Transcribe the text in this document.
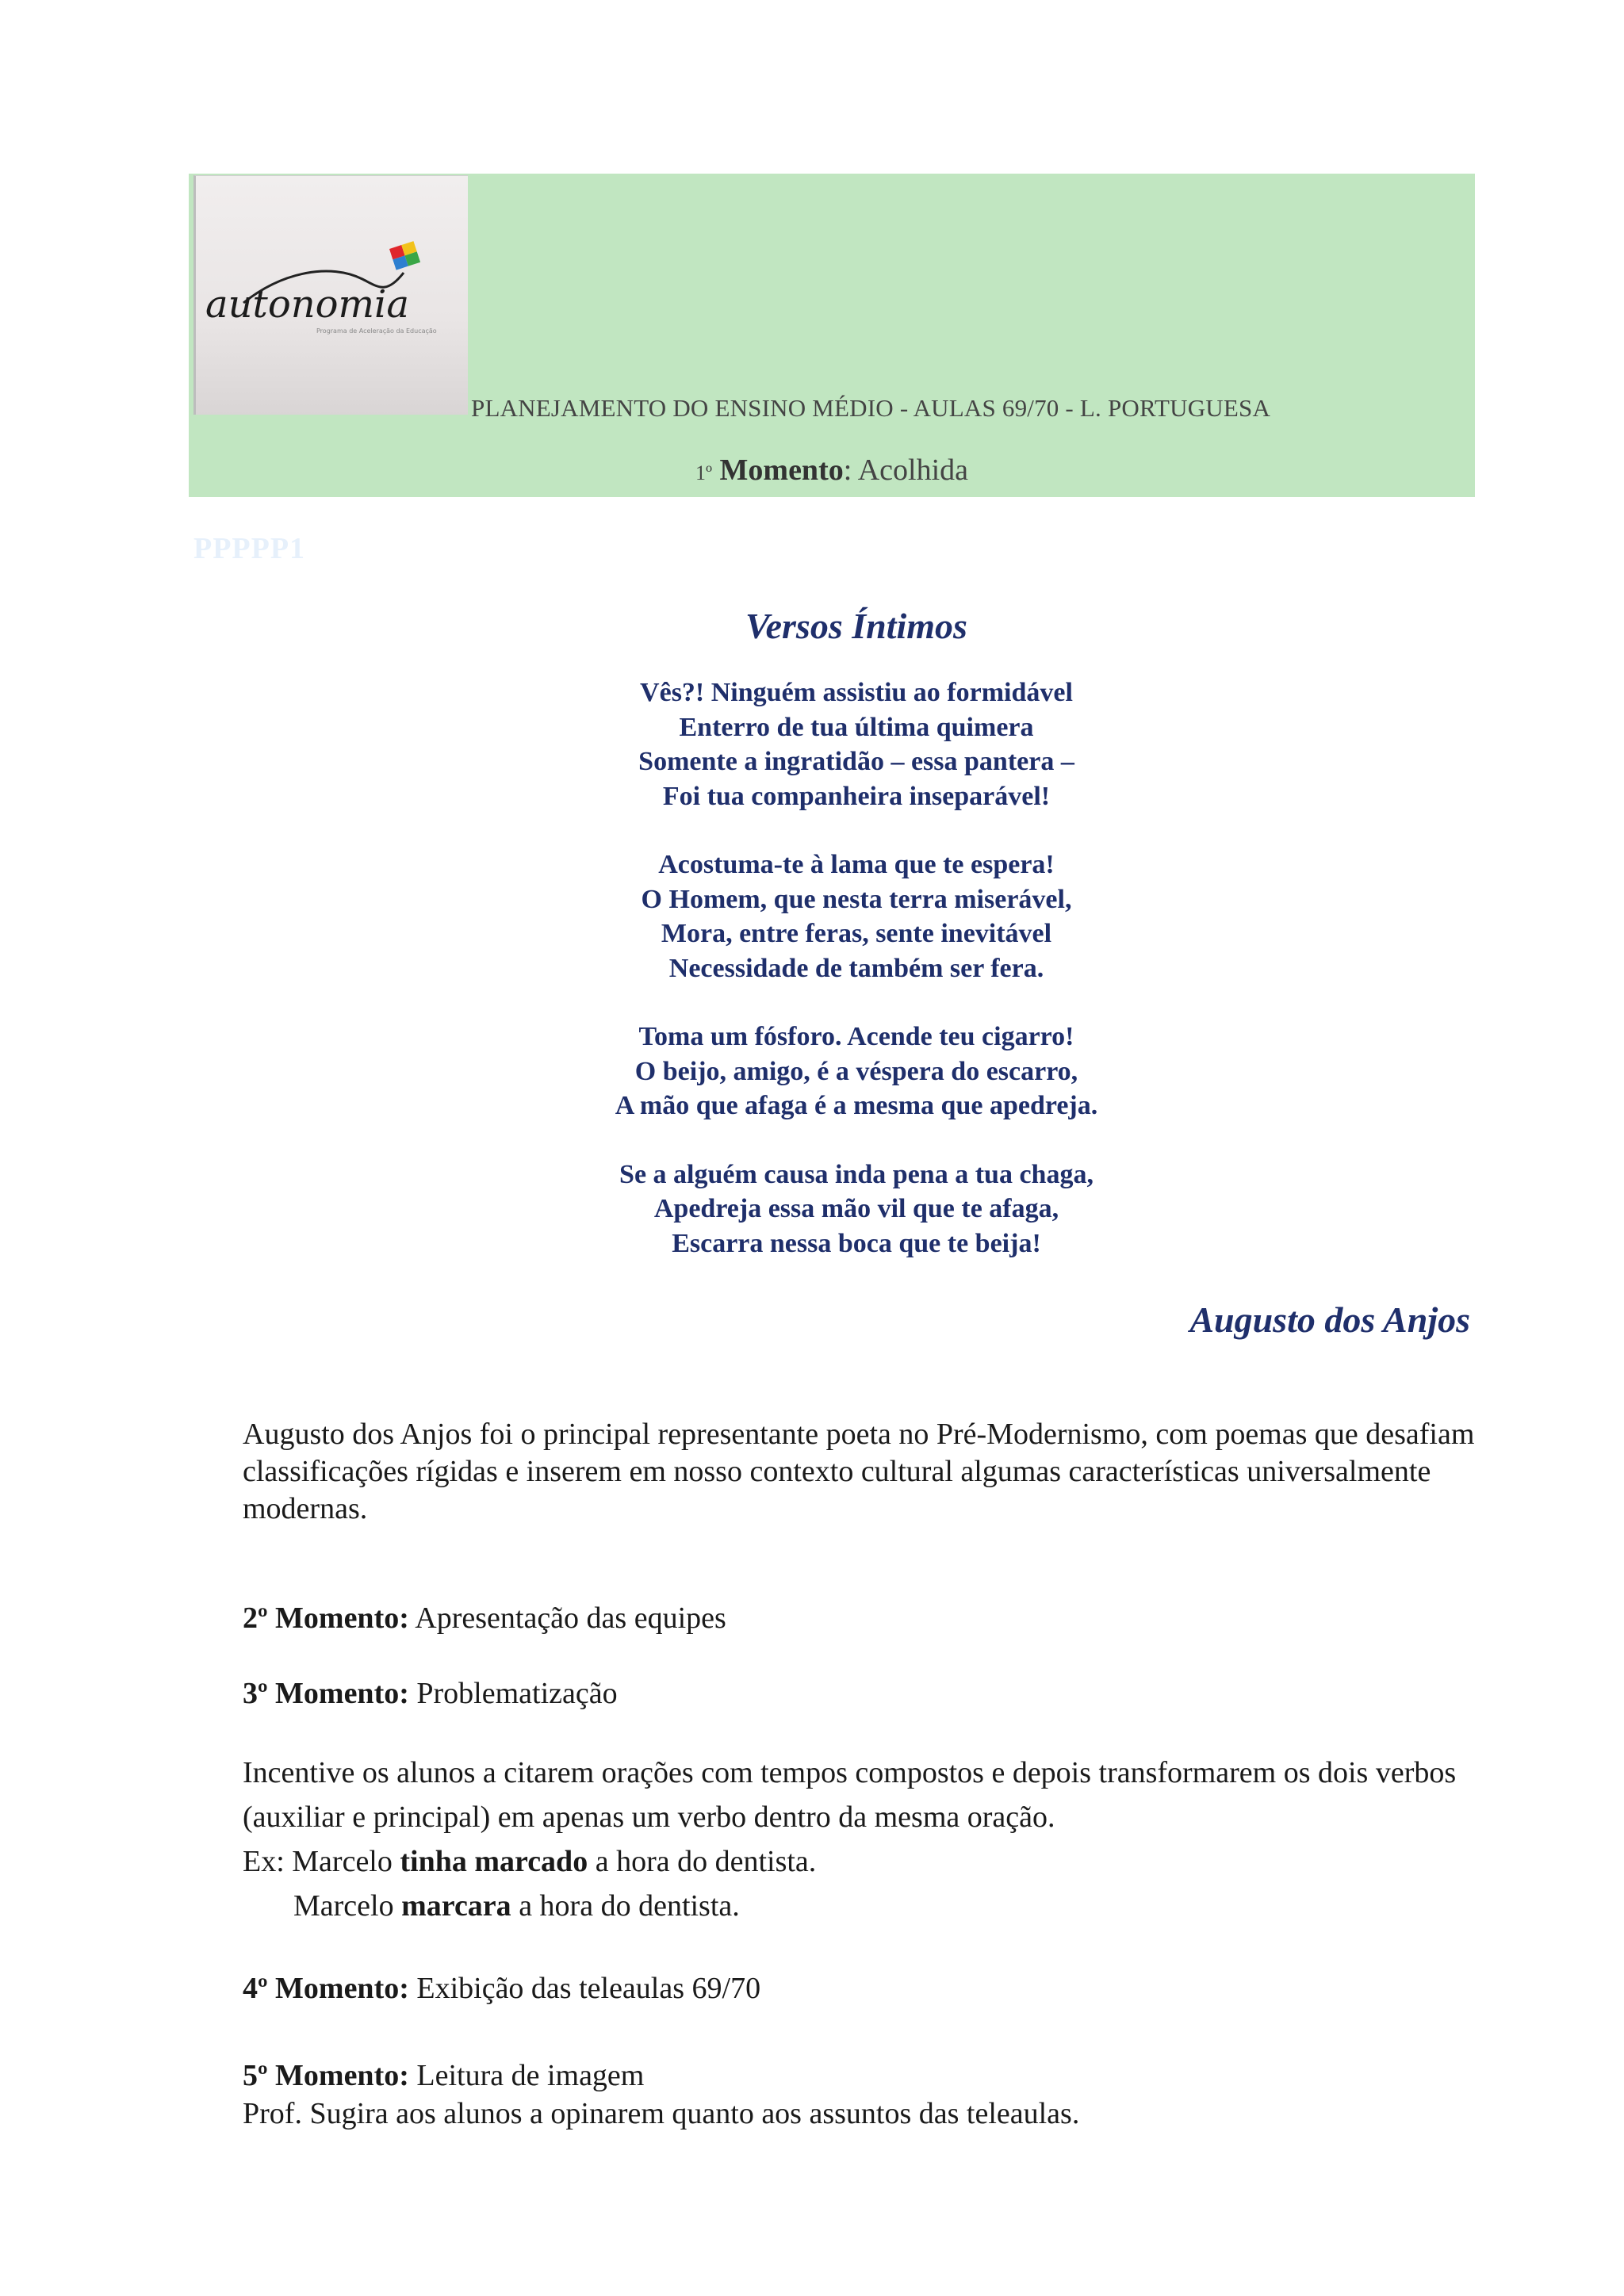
autonomia
Programa de Aceleração da Educação
PLANEJAMENTO DO ENSINO MÉDIO - AULAS 69/70 - L. PORTUGUESA
1º Momento: Acolhida
PPPPP1
Versos Íntimos
Vês?! Ninguém assistiu ao formidável
Enterro de tua última quimera
Somente a ingratidão – essa pantera –
Foi tua companheira inseparável!
Acostuma-te à lama que te espera!
O Homem, que nesta terra miserável,
Mora, entre feras, sente inevitável
Necessidade de também ser fera.
Toma um fósforo. Acende teu cigarro!
O beijo, amigo, é a véspera do escarro,
A mão que afaga é a mesma que apedreja.
Se a alguém causa inda pena a tua chaga,
Apedreja essa mão vil que te afaga,
Escarra nessa boca que te beija!
Augusto dos Anjos
Augusto dos Anjos foi o principal representante poeta no Pré-Modernismo, com poemas que desafiam classificações rígidas e inserem em nosso contexto cultural algumas características universalmente modernas.
2º Momento: Apresentação das equipes
3º Momento: Problematização
Incentive os alunos a citarem orações com tempos compostos e depois transformarem os dois verbos (auxiliar e principal) em apenas um verbo dentro da mesma oração.
Ex: Marcelo tinha marcado a hora do dentista.
Marcelo marcara a hora do dentista.
4º Momento: Exibição das teleaulas 69/70
5º Momento: Leitura de imagem
Prof. Sugira aos alunos a opinarem quanto aos assuntos das teleaulas.
